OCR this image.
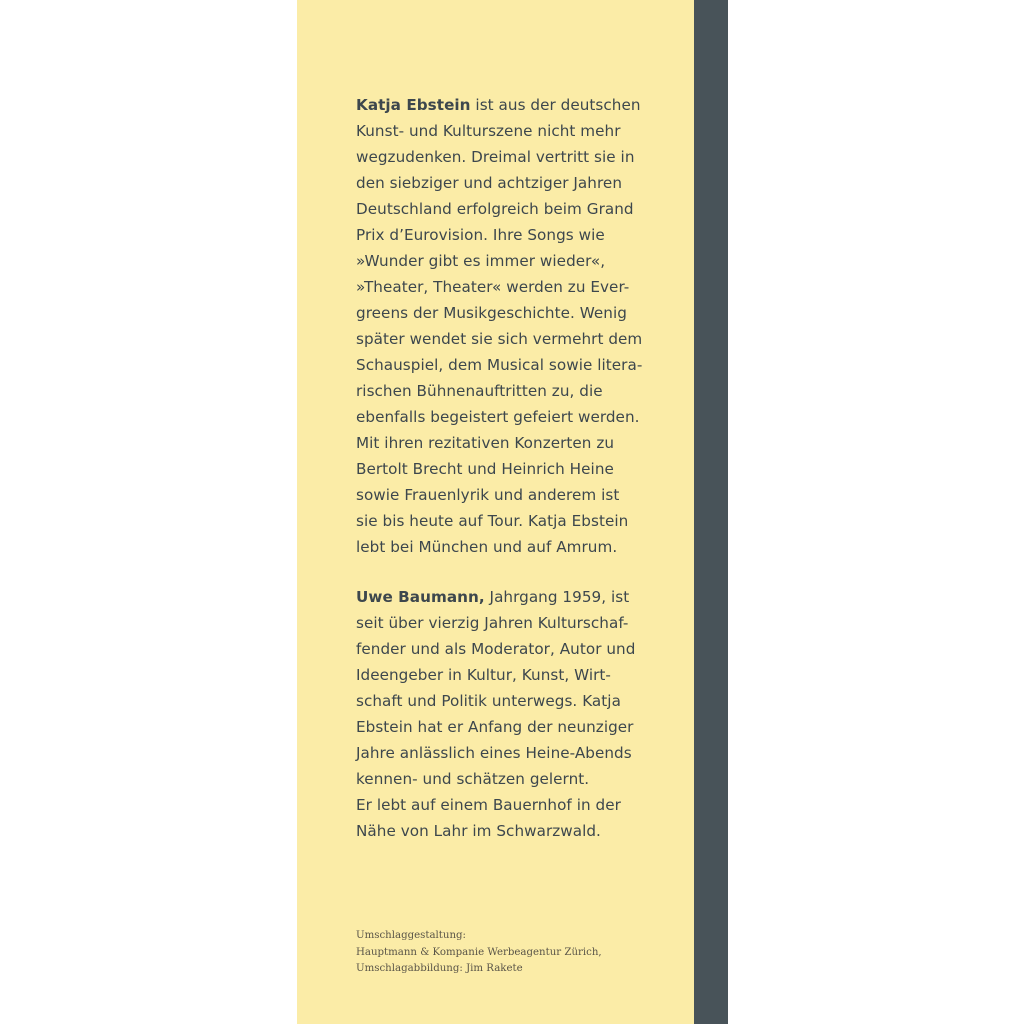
Katja Ebstein ist aus der deutschen
Kunst- und Kulturszene nicht mehr
wegzudenken. Dreimal vertritt sie in
den siebziger und achtziger Jahren
Deutschland erfolgreich beim Grand
Prix d’Eurovision. Ihre Songs wie
»Wunder gibt es immer wieder«,
»Theater, Theater« werden zu Ever-
greens der Musikgeschichte. Wenig
später wendet sie sich vermehrt dem
Schauspiel, dem Musical sowie litera-
rischen Bühnenauftritten zu, die
ebenfalls begeistert gefeiert werden.
Mit ihren rezitativen Konzerten zu
Bertolt Brecht und Heinrich Heine
sowie Frauenlyrik und anderem ist
sie bis heute auf Tour. Katja Ebstein
lebt bei München und auf Amrum.
Uwe Baumann, Jahrgang 1959, ist
seit über vierzig Jahren Kulturschaf-
fender und als Moderator, Autor und
Ideengeber in Kultur, Kunst, Wirt-
schaft und Politik unterwegs. Katja
Ebstein hat er Anfang der neunziger
Jahre anlässlich eines Heine-Abends
kennen- und schätzen gelernt.
Er lebt auf einem Bauernhof in der
Nähe von Lahr im Schwarzwald.
Umschlaggestaltung:
Hauptmann & Kompanie Werbeagentur Zürich,
Umschlagabbildung: Jim Rakete
